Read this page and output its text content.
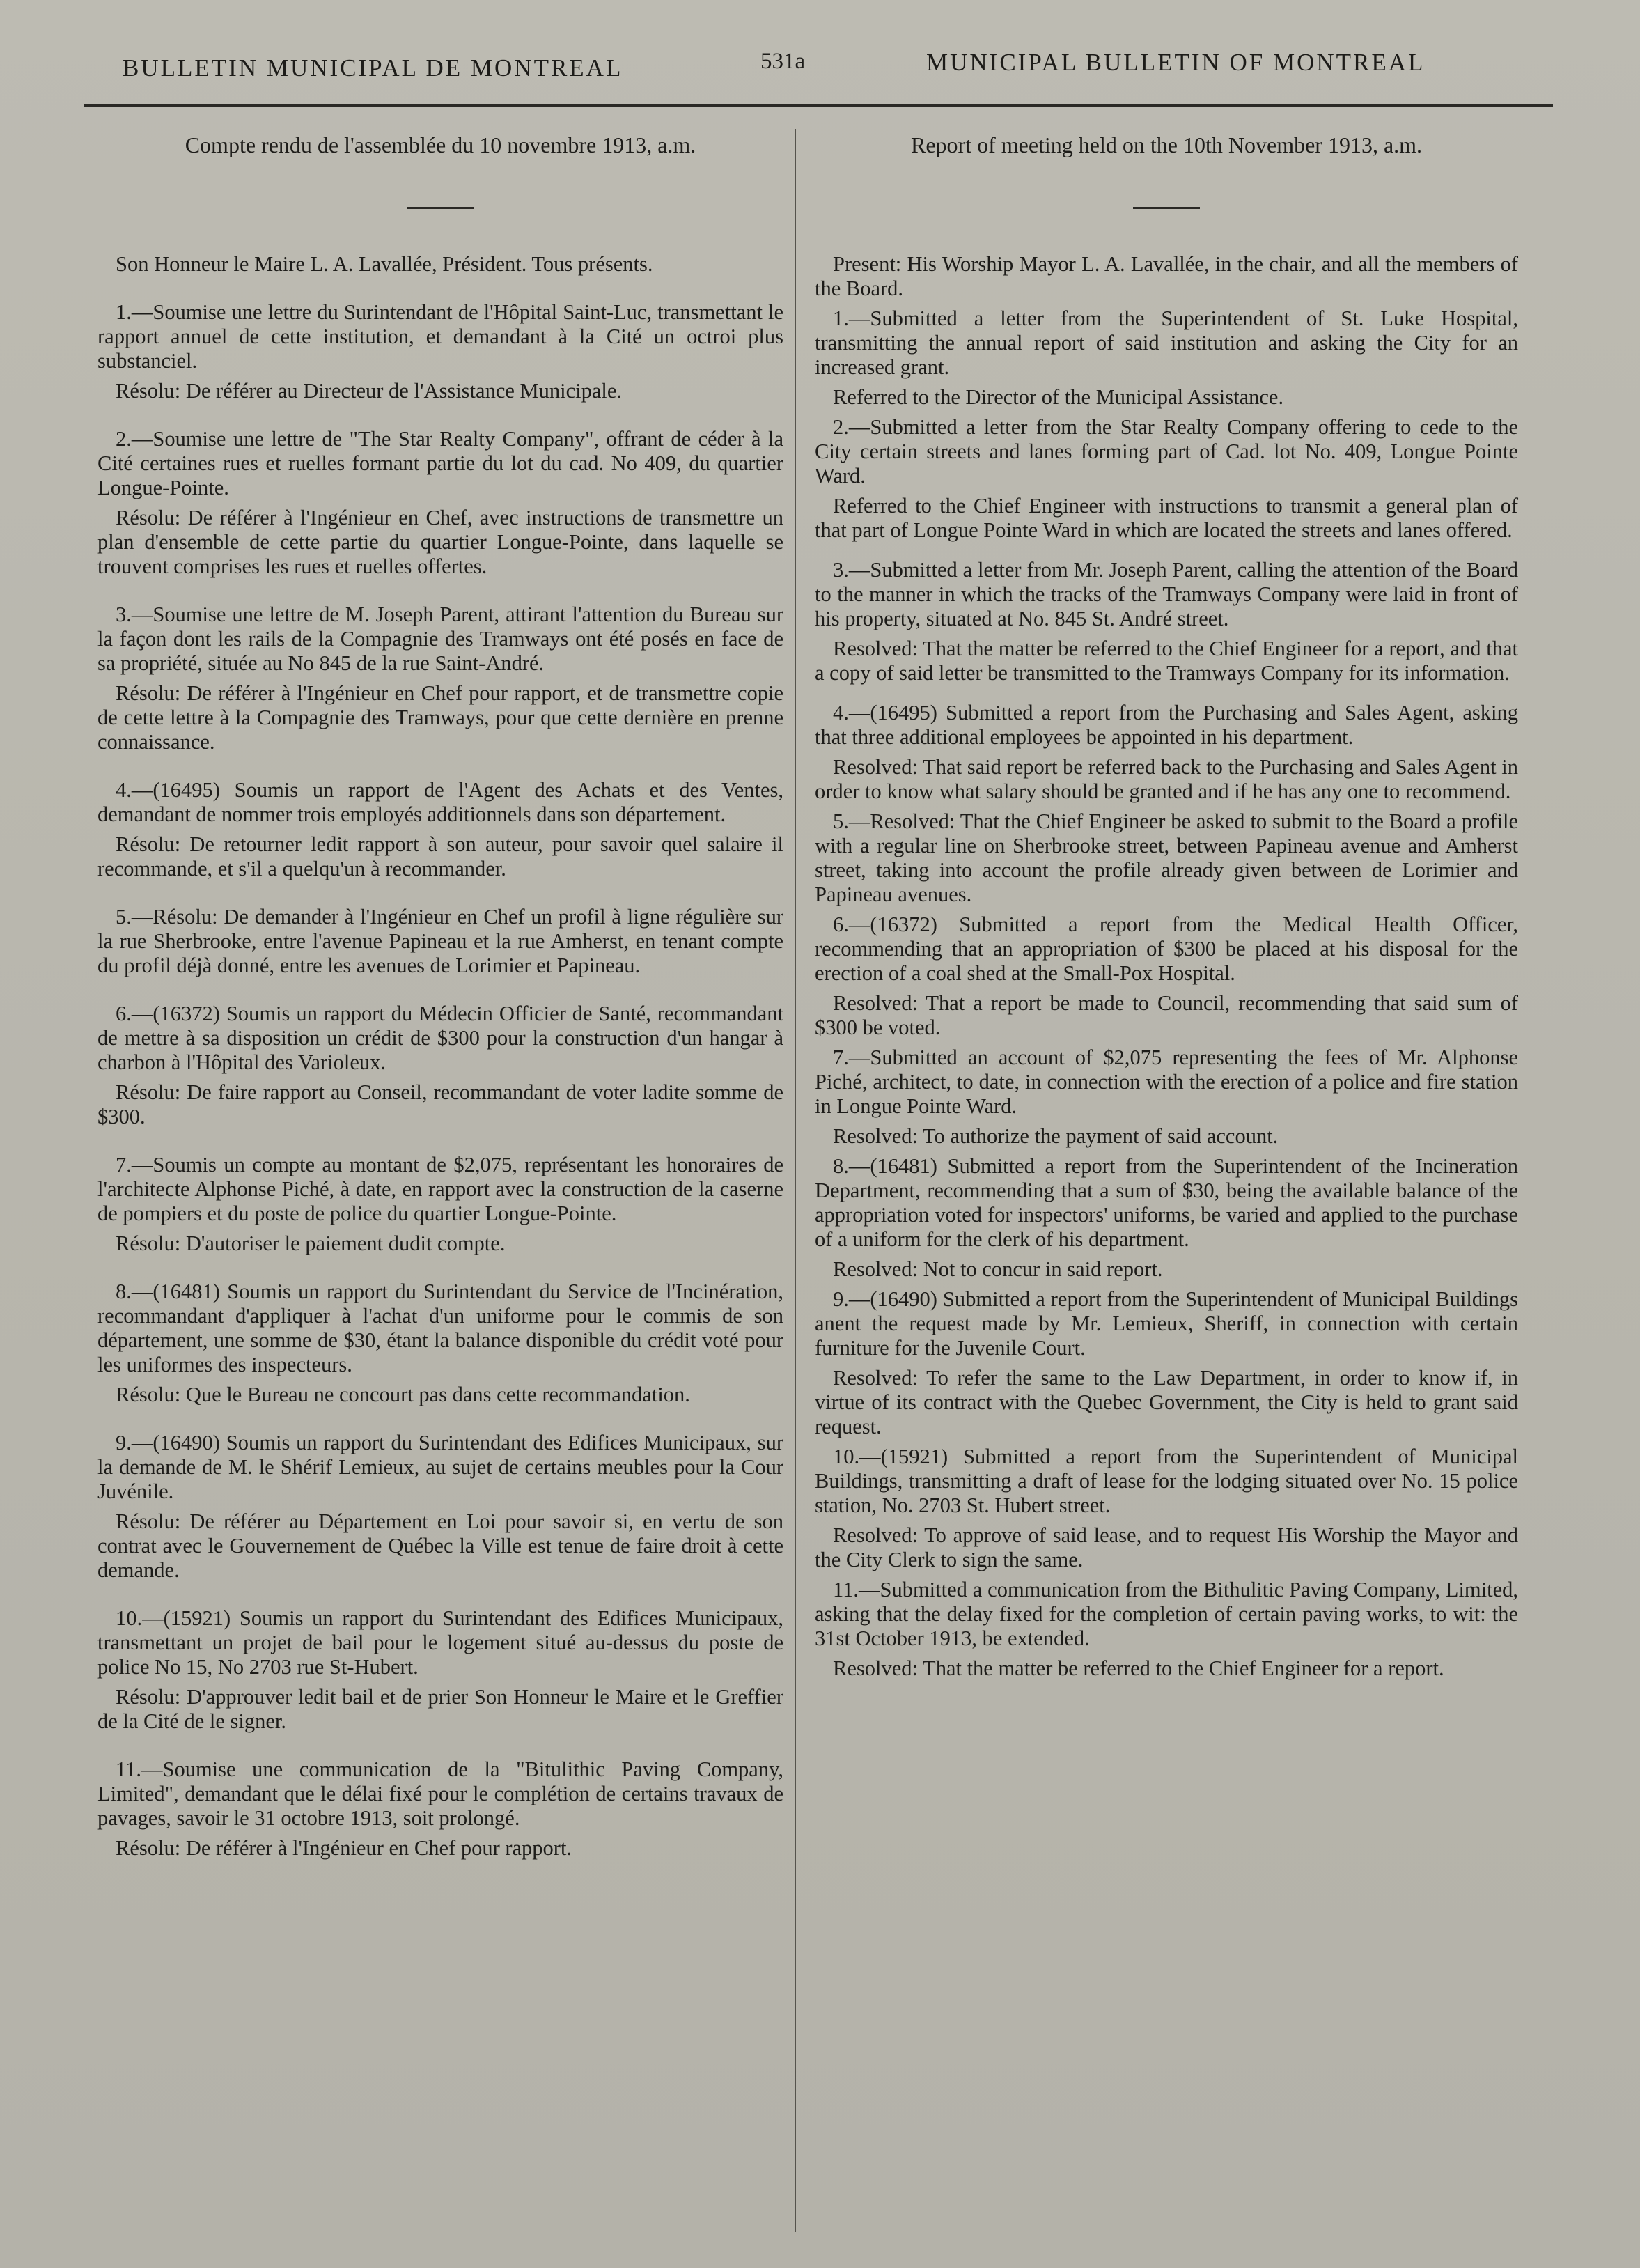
BULLETIN MUNICIPAL DE MONTREAL	531a	MUNICIPAL BULLETIN OF MONTREAL

Compte rendu de l'assemblée du 10 novembre 1913, a.m.

Son Honneur le Maire L. A. Lavallée, Président. Tous présents.

1.—Soumise une lettre du Surintendant de l'Hôpital Saint-Luc, transmettant le rapport annuel de cette institution, et demandant à la Cité un octroi plus substanciel.

Résolu: De référer au Directeur de l'Assistance Municipale.

2.—Soumise une lettre de "The Star Realty Company", offrant de céder à la Cité certaines rues et ruelles formant partie du lot du cad. No 409, du quartier Longue-Pointe.

Résolu: De référer à l'Ingénieur en Chef, avec instructions de transmettre un plan d'ensemble de cette partie du quartier Longue-Pointe, dans laquelle se trouvent comprises les rues et ruelles offertes.

3.—Soumise une lettre de M. Joseph Parent, attirant l'attention du Bureau sur la façon dont les rails de la Compagnie des Tramways ont été posés en face de sa propriété, située au No 845 de la rue Saint-André.

Résolu: De référer à l'Ingénieur en Chef pour rapport, et de transmettre copie de cette lettre à la Compagnie des Tramways, pour que cette dernière en prenne connaissance.

4.—(16495) Soumis un rapport de l'Agent des Achats et des Ventes, demandant de nommer trois employés additionnels dans son département.

Résolu: De retourner ledit rapport à son auteur, pour savoir quel salaire il recommande, et s'il a quelqu'un à recommander.

5.—Résolu: De demander à l'Ingénieur en Chef un profil à ligne régulière sur la rue Sherbrooke, entre l'avenue Papineau et la rue Amherst, en tenant compte du profil déjà donné, entre les avenues de Lorimier et Papineau.

6.—(16372) Soumis un rapport du Médecin Officier de Santé, recommandant de mettre à sa disposition un crédit de $300 pour la construction d'un hangar à charbon à l'Hôpital des Varioleux.

Résolu: De faire rapport au Conseil, recommandant de voter ladite somme de $300.

7.—Soumis un compte au montant de $2,075, représentant les honoraires de l'architecte Alphonse Piché, à date, en rapport avec la construction de la caserne de pompiers et du poste de police du quartier Longue-Pointe.

Résolu: D'autoriser le paiement dudit compte.

8.—(16481) Soumis un rapport du Surintendant du Service de l'Incinération, recommandant d'appliquer à l'achat d'un uniforme pour le commis de son département, une somme de $30, étant la balance disponible du crédit voté pour les uniformes des inspecteurs.

Résolu: Que le Bureau ne concourt pas dans cette recommandation.

9.—(16490) Soumis un rapport du Surintendant des Edifices Municipaux, sur la demande de M. le Shérif Lemieux, au sujet de certains meubles pour la Cour Juvénile.

Résolu: De référer au Département en Loi pour savoir si, en vertu de son contrat avec le Gouvernement de Québec la Ville est tenue de faire droit à cette demande.

10.—(15921) Soumis un rapport du Surintendant des Edifices Municipaux, transmettant un projet de bail pour le logement situé au-dessus du poste de police No 15, No 2703 rue St-Hubert.

Résolu: D'approuver ledit bail et de prier Son Honneur le Maire et le Greffier de la Cité de le signer.

11.—Soumise une communication de la "Bitulithic Paving Company, Limited", demandant que le délai fixé pour le complétion de certains travaux de pavages, savoir le 31 octobre 1913, soit prolongé.

Résolu: De référer à l'Ingénieur en Chef pour rapport.

Report of meeting held on the 10th November 1913, a.m.

Present: His Worship Mayor L. A. Lavallée, in the chair, and all the members of the Board.

1.—Submitted a letter from the Superintendent of St. Luke Hospital, transmitting the annual report of said institution and asking the City for an increased grant.

Referred to the Director of the Municipal Assistance.

2.—Submitted a letter from the Star Realty Company offering to cede to the City certain streets and lanes forming part of Cad. lot No. 409, Longue Pointe Ward.

Referred to the Chief Engineer with instructions to transmit a general plan of that part of Longue Pointe Ward in which are located the streets and lanes offered.

3.—Submitted a letter from Mr. Joseph Parent, calling the attention of the Board to the manner in which the tracks of the Tramways Company were laid in front of his property, situated at No. 845 St. André street.

Resolved: That the matter be referred to the Chief Engineer for a report, and that a copy of said letter be transmitted to the Tramways Company for its information.

4.—(16495) Submitted a report from the Purchasing and Sales Agent, asking that three additional employees be appointed in his department.

Resolved: That said report be referred back to the Purchasing and Sales Agent in order to know what salary should be granted and if he has any one to recommend.

5.—Resolved: That the Chief Engineer be asked to submit to the Board a profile with a regular line on Sherbrooke street, between Papineau avenue and Amherst street, taking into account the profile already given between de Lorimier and Papineau avenues.

6.—(16372) Submitted a report from the Medical Health Officer, recommending that an appropriation of $300 be placed at his disposal for the erection of a coal shed at the Small-Pox Hospital.

Resolved: That a report be made to Council, recommending that said sum of $300 be voted.

7.—Submitted an account of $2,075 representing the fees of Mr. Alphonse Piché, architect, to date, in connection with the erection of a police and fire station in Longue Pointe Ward.

Resolved: To authorize the payment of said account.

8.—(16481) Submitted a report from the Superintendent of the Incineration Department, recommending that a sum of $30, being the available balance of the appropriation voted for inspectors' uniforms, be varied and applied to the purchase of a uniform for the clerk of his department.

Resolved: Not to concur in said report.

9.—(16490) Submitted a report from the Superintendent of Municipal Buildings anent the request made by Mr. Lemieux, Sheriff, in connection with certain furniture for the Juvenile Court.

Resolved: To refer the same to the Law Department, in order to know if, in virtue of its contract with the Quebec Government, the City is held to grant said request.

10.—(15921) Submitted a report from the Superintendent of Municipal Buildings, transmitting a draft of lease for the lodging situated over No. 15 police station, No. 2703 St. Hubert street.

Resolved: To approve of said lease, and to request His Worship the Mayor and the City Clerk to sign the same.

11.—Submitted a communication from the Bithulitic Paving Company, Limited, asking that the delay fixed for the completion of certain paving works, to wit: the 31st October 1913, be extended.

Resolved: That the matter be referred to the Chief Engineer for a report.
